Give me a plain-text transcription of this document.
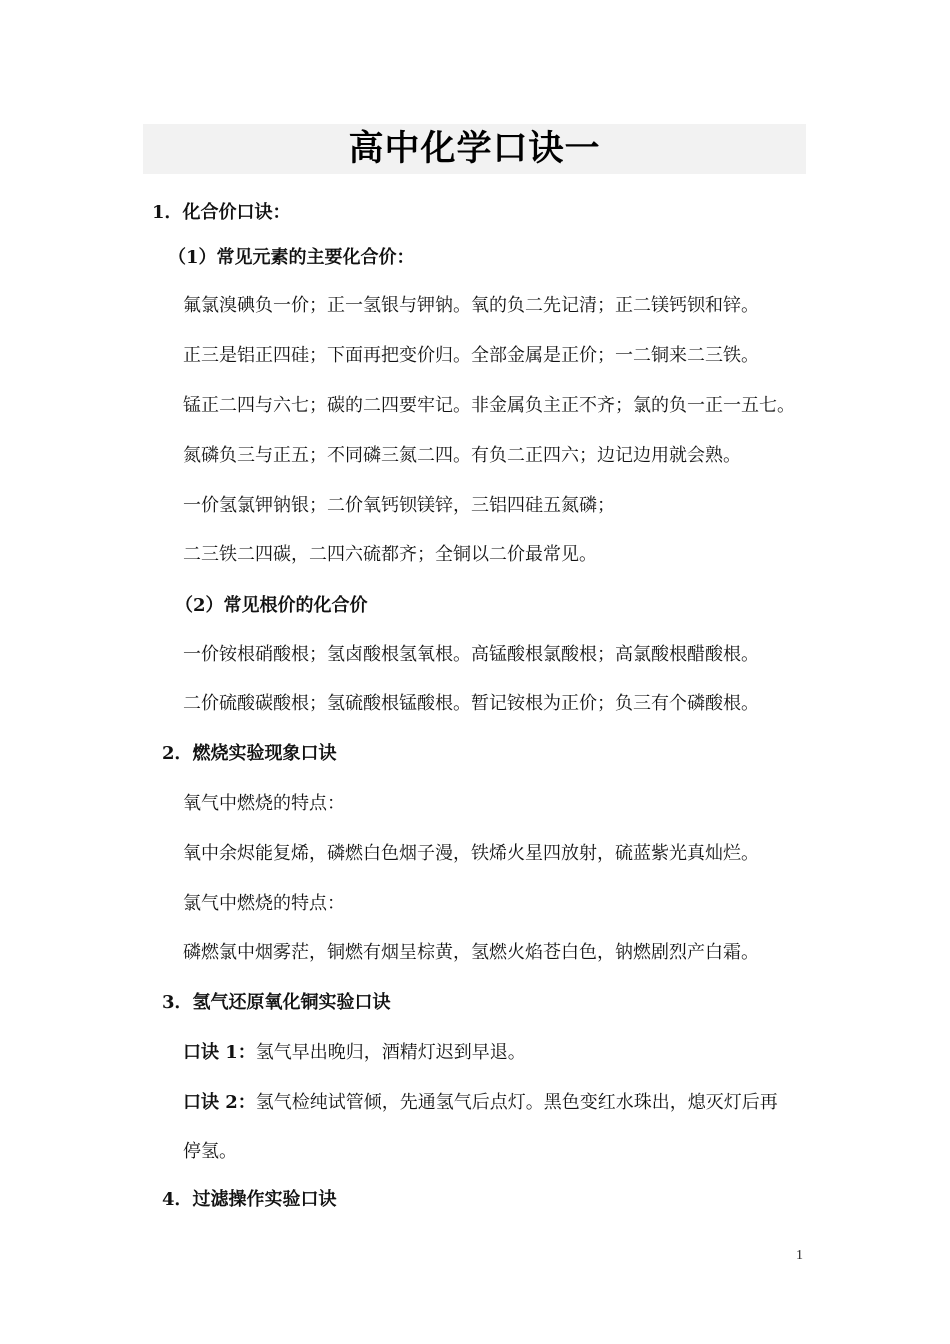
高中化学口诀一
1．化合价口诀：
（1）常见元素的主要化合价：
氟氯溴碘负一价；正一氢银与钾钠。氧的负二先记清；正二镁钙钡和锌。
正三是铝正四硅；下面再把变价归。全部金属是正价；一二铜来二三铁。
锰正二四与六七；碳的二四要牢记。非金属负主正不齐；氯的负一正一五七。
氮磷负三与正五；不同磷三氮二四。有负二正四六；边记边用就会熟。
一价氢氯钾钠银；二价氧钙钡镁锌，三铝四硅五氮磷；
二三铁二四碳，二四六硫都齐；全铜以二价最常见。
（2）常见根价的化合价
一价铵根硝酸根；氢卤酸根氢氧根。高锰酸根氯酸根；高氯酸根醋酸根。
二价硫酸碳酸根；氢硫酸根锰酸根。暂记铵根为正价；负三有个磷酸根。
2．燃烧实验现象口诀
氧气中燃烧的特点：
氧中余烬能复烯，磷燃白色烟子漫，铁烯火星四放射，硫蓝紫光真灿烂。
氯气中燃烧的特点：
磷燃氯中烟雾茫，铜燃有烟呈棕黄，氢燃火焰苍白色，钠燃剧烈产白霜。
3．氢气还原氧化铜实验口诀
口诀 1：氢气早出晚归，酒精灯迟到早退。
口诀 2：氢气检纯试管倾，先通氢气后点灯。黑色变红水珠出，熄灭灯后再
停氢。
4．过滤操作实验口诀
1
